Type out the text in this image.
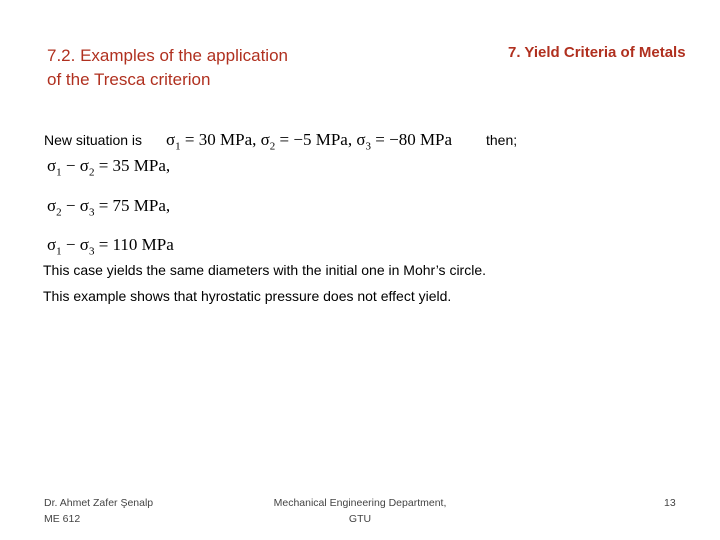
7.2. Examples of the application
of the Tresca criterion
7. Yield Criteria of Metals
New situation is $\sigma_1 = 30$ MPa, $\sigma_2 = -5$ MPa, $\sigma_3 = -80$ MPa then;
$\sigma_1 - \sigma_2 = 35$ MPa,
$\sigma_2 - \sigma_3 = 75$ MPa,
$\sigma_1 - \sigma_3 = 110$ MPa
This case yields the same diameters with the initial one in Mohr’s circle.
This example shows that hyrostatic pressure does not effect yield.
Dr. Ahmet Zafer Şenalp
ME 612
Mechanical Engineering Department,
GTU
13
